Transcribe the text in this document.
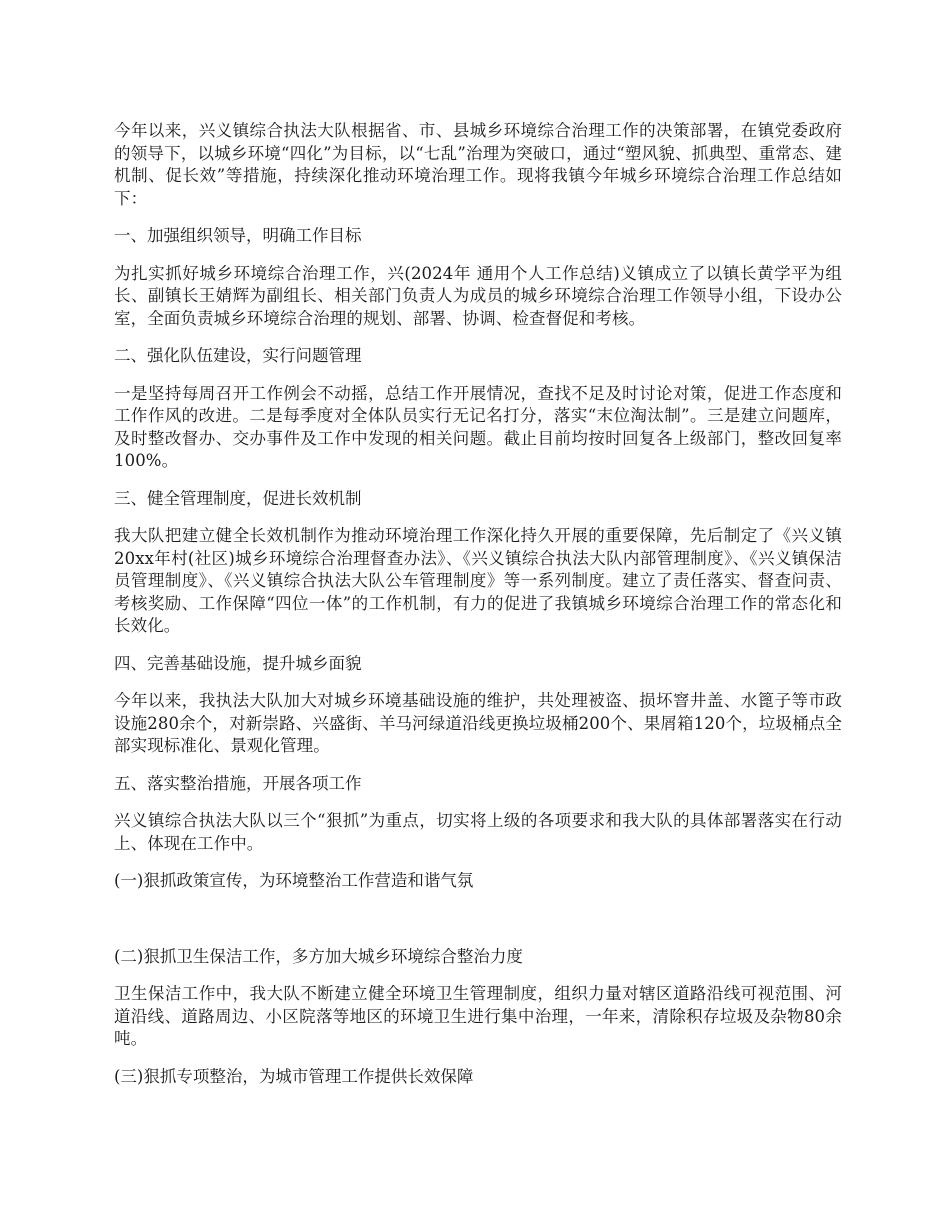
今年以来，兴义镇综合执法大队根据省、市、县城乡环境综合治理工作的决策部署，在镇党委政府的领导下，以城乡环境“四化”为目标，以“七乱”治理为突破口，通过“塑风貌、抓典型、重常态、建机制、促长效”等措施，持续深化推动环境治理工作。现将我镇今年城乡环境综合治理工作总结如下：

一、加强组织领导，明确工作目标

为扎实抓好城乡环境综合治理工作，兴(2024年 通用个人工作总结)义镇成立了以镇长黄学平为组长、副镇长王婧辉为副组长、相关部门负责人为成员的城乡环境综合治理工作领导小组，下设办公室，全面负责城乡环境综合治理的规划、部署、协调、检查督促和考核。

二、强化队伍建设，实行问题管理

一是坚持每周召开工作例会不动摇，总结工作开展情况，查找不足及时讨论对策，促进工作态度和工作作风的改进。二是每季度对全体队员实行无记名打分，落实“末位淘汰制”。三是建立问题库，及时整改督办、交办事件及工作中发现的相关问题。截止目前均按时回复各上级部门，整改回复率100%。

三、健全管理制度，促进长效机制

我大队把建立健全长效机制作为推动环境治理工作深化持久开展的重要保障，先后制定了《兴义镇20xx年村(社区)城乡环境综合治理督查办法》、《兴义镇综合执法大队内部管理制度》、《兴义镇保洁员管理制度》、《兴义镇综合执法大队公车管理制度》等一系列制度。建立了责任落实、督查问责、考核奖励、工作保障“四位一体”的工作机制，有力的促进了我镇城乡环境综合治理工作的常态化和长效化。

四、完善基础设施，提升城乡面貌

今年以来，我执法大队加大对城乡环境基础设施的维护，共处理被盗、损坏窨井盖、水篦子等市政设施280余个，对新崇路、兴盛街、羊马河绿道沿线更换垃圾桶200个、果屑箱120个，垃圾桶点全部实现标准化、景观化管理。

五、落实整治措施，开展各项工作

兴义镇综合执法大队以三个“狠抓”为重点，切实将上级的各项要求和我大队的具体部署落实在行动上、体现在工作中。

(一)狠抓政策宣传，为环境整治工作营造和谐气氛

(二)狠抓卫生保洁工作，多方加大城乡环境综合整治力度

卫生保洁工作中，我大队不断建立健全环境卫生管理制度，组织力量对辖区道路沿线可视范围、河道沿线、道路周边、小区院落等地区的环境卫生进行集中治理，一年来，清除积存垃圾及杂物80余吨。

(三)狠抓专项整治，为城市管理工作提供长效保障
